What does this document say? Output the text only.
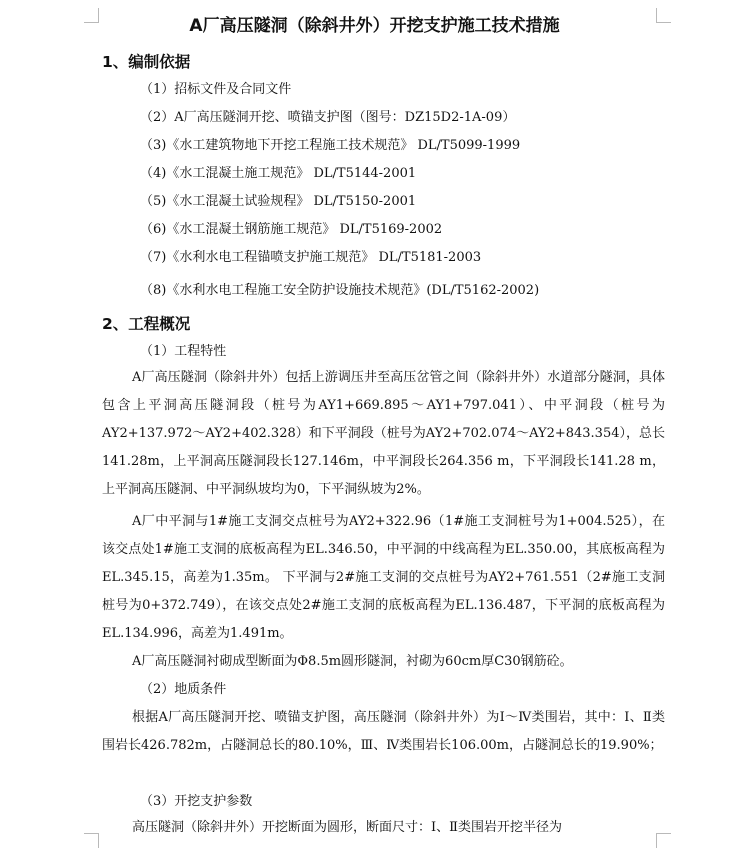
A厂高压隧洞（除斜井外）开挖支护施工技术措施
1、编制依据
（1）招标文件及合同文件
（2）A厂高压隧洞开挖、喷锚支护图（图号：DZ15D2-1A-09）
（3)《水工建筑物地下开挖工程施工技术规范》 DL/T5099-1999
（4)《水工混凝土施工规范》 DL/T5144-2001
（5)《水工混凝土试验规程》 DL/T5150-2001
（6)《水工混凝土钢筋施工规范》 DL/T5169-2002
（7)《水利水电工程锚喷支护施工规范》 DL/T5181-2003
（8)《水利水电工程施工安全防护设施技术规范》(DL/T5162-2002)
2、工程概况
（1）工程特性
A厂高压隧洞（除斜井外）包括上游调压井至高压岔管之间（除斜井外）水道部分隧洞，具体包含上平洞高压隧洞段（桩号为AY1+669.895～AY1+797.041）、中平洞段（桩号为AY2+137.972～AY2+402.328）和下平洞段（桩号为AY2+702.074～AY2+843.354），总长141.28m，上平洞高压隧洞段长127.146m，中平洞段长264.356 m，下平洞段长141.28 m，上平洞高压隧洞、中平洞纵坡均为0，下平洞纵坡为2%。
A厂中平洞与1#施工支洞交点桩号为AY2+322.96（1#施工支洞桩号为1+004.525），在该交点处1#施工支洞的底板高程为EL.346.50，中平洞的中线高程为EL.350.00，其底板高程为EL.345.15，高差为1.35m。 下平洞与2#施工支洞的交点桩号为AY2+761.551（2#施工支洞桩号为0+372.749），在该交点处2#施工支洞的底板高程为EL.136.487，下平洞的底板高程为EL.134.996，高差为1.491m。
A厂高压隧洞衬砌成型断面为Φ8.5m圆形隧洞，衬砌为60cm厚C30钢筋砼。
（2）地质条件
根据A厂高压隧洞开挖、喷锚支护图，高压隧洞（除斜井外）为Ⅰ～Ⅳ类围岩，其中：Ⅰ、Ⅱ类围岩长426.782m，占隧洞总长的80.10%，Ⅲ、Ⅳ类围岩长106.00m，占隧洞总长的19.90%；
（3）开挖支护参数
高压隧洞（除斜井外）开挖断面为圆形，断面尺寸：Ⅰ、Ⅱ类围岩开挖半径为
